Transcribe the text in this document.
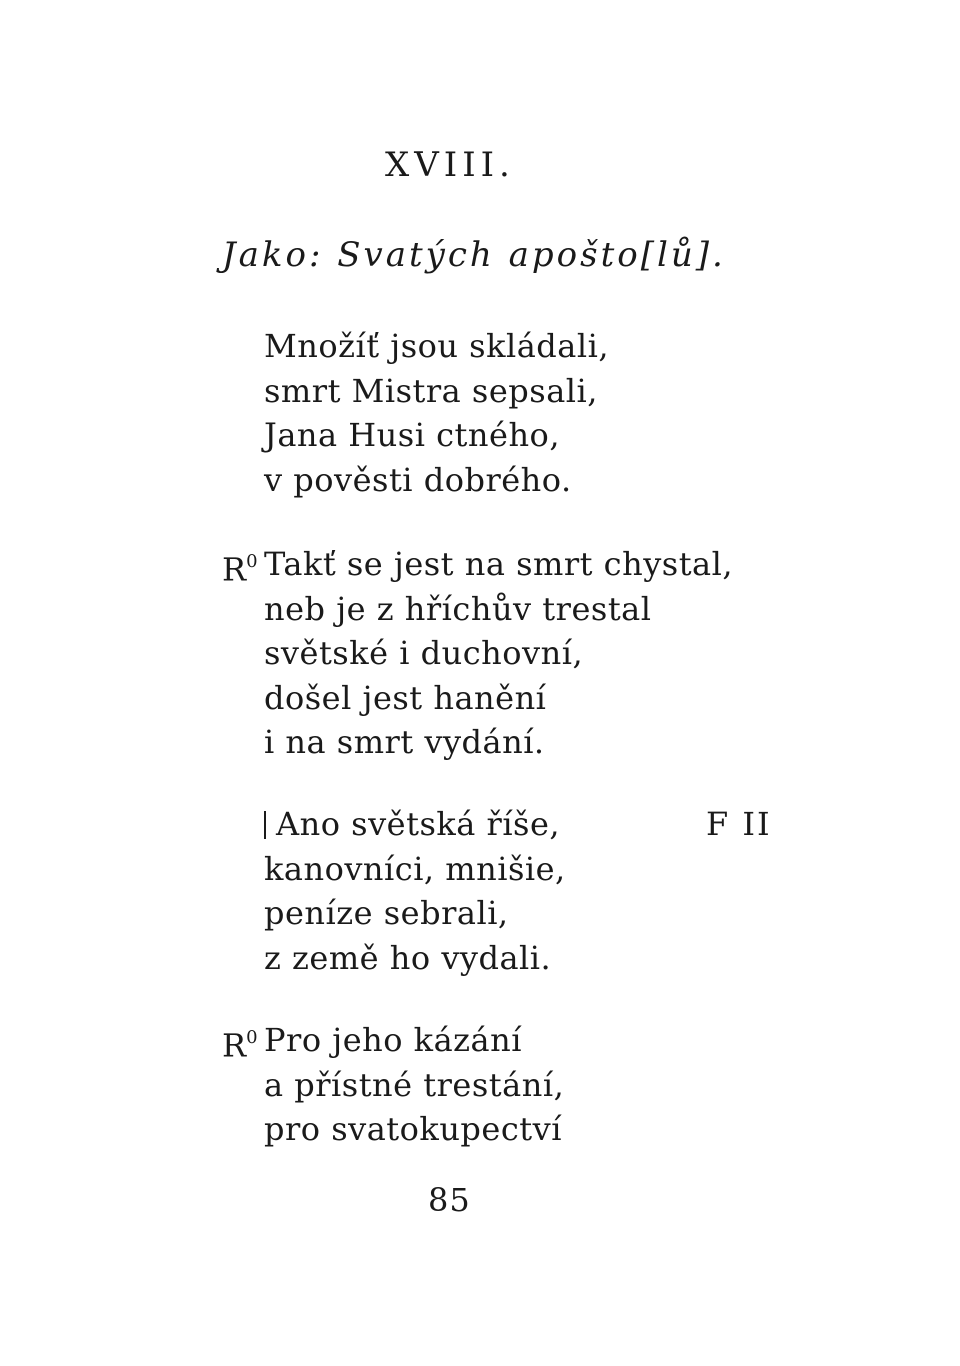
XVIII.
Jako: Svatých apošto[lů].
Množíť jsou skládali,
smrt Mistra sepsali,
Jana Husi ctného,
v pověsti dobrého.
$R^0$ Takť se jest na smrt chystal,
neb je z hříchův trestal
světské i duchovní,
došel jest hanění
i na smrt vydání.
Ano světská říše,
kanovníci, mnišie,
peníze sebrali,
z země ho vydali.
F II
$R^0$ Pro jeho kázání
a přístné trestání,
pro svatokupectví
85
